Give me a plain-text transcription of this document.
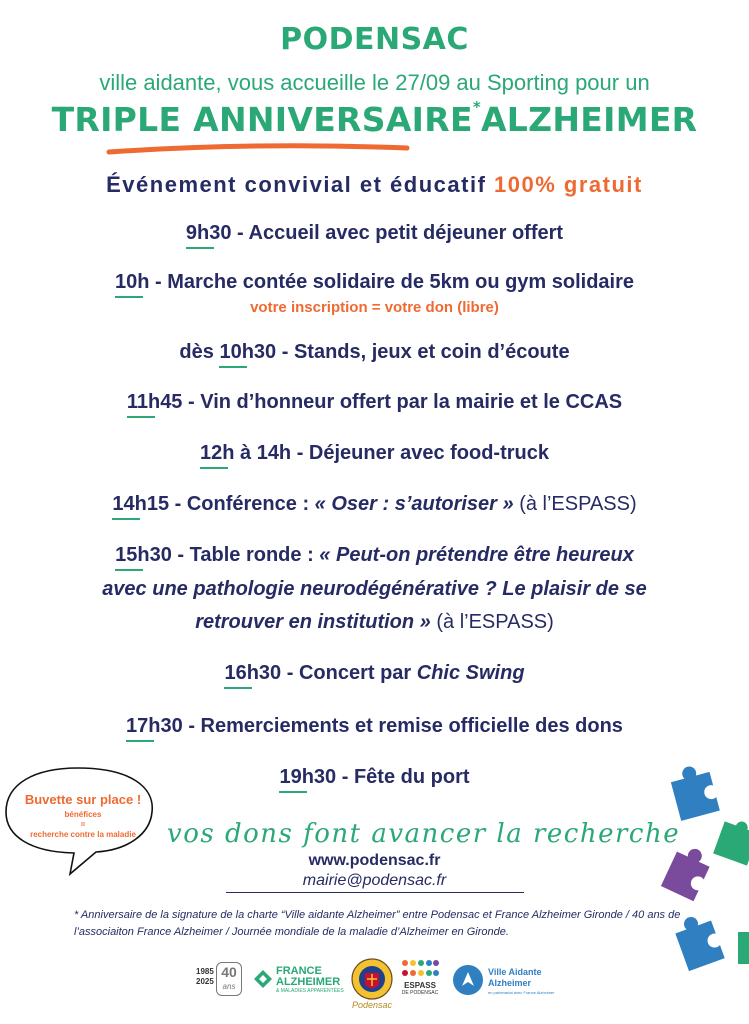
PODENSAC
ville aidante, vous accueille le 27/09 au Sporting pour un
TRIPLE ANNIVERSAIRE*ALZHEIMER
Événement convivial et éducatif 100% gratuit
9h30 - Accueil avec petit déjeuner offert
10h - Marche contée solidaire de 5km ou gym solidaire
votre inscription = votre don (libre)
dès 10h30 - Stands, jeux et coin d’écoute
11h45 - Vin d’honneur offert par la mairie et le CCAS
12h à 14h - Déjeuner avec food-truck
14h15 - Conférence : « Oser : s’autoriser » (à l’ESPASS)
15h30 - Table ronde : « Peut-on prétendre être heureux
avec une pathologie neurodégénérative ? Le plaisir de se
retrouver en institution » (à l’ESPASS)
16h30 - Concert par Chic Swing
17h30 - Remerciements et remise officielle des dons
19h30 - Fête du port
Buvette sur place !
bénéfices
=
recherche contre la maladie	vos dons font avancer la recherche
www.podensac.fr
mairie@podensac.fr
* Anniversaire de la signature de la charte “Ville aidante Alzheimer” entre Podensac et France Alzheimer Gironde / 40 ans de l’associaiton France Alzheimer / Journée mondiale de la maladie d’Alzheimer en Gironde.
1985
2025
40
ans
FRANCE
ALZHEIMER
& MALADIES APPARENTÉES
Podensac
ESPASS
DE PODENSAC
Ville Aidante
Alzheimer
en partenariat avec France Alzheimer
